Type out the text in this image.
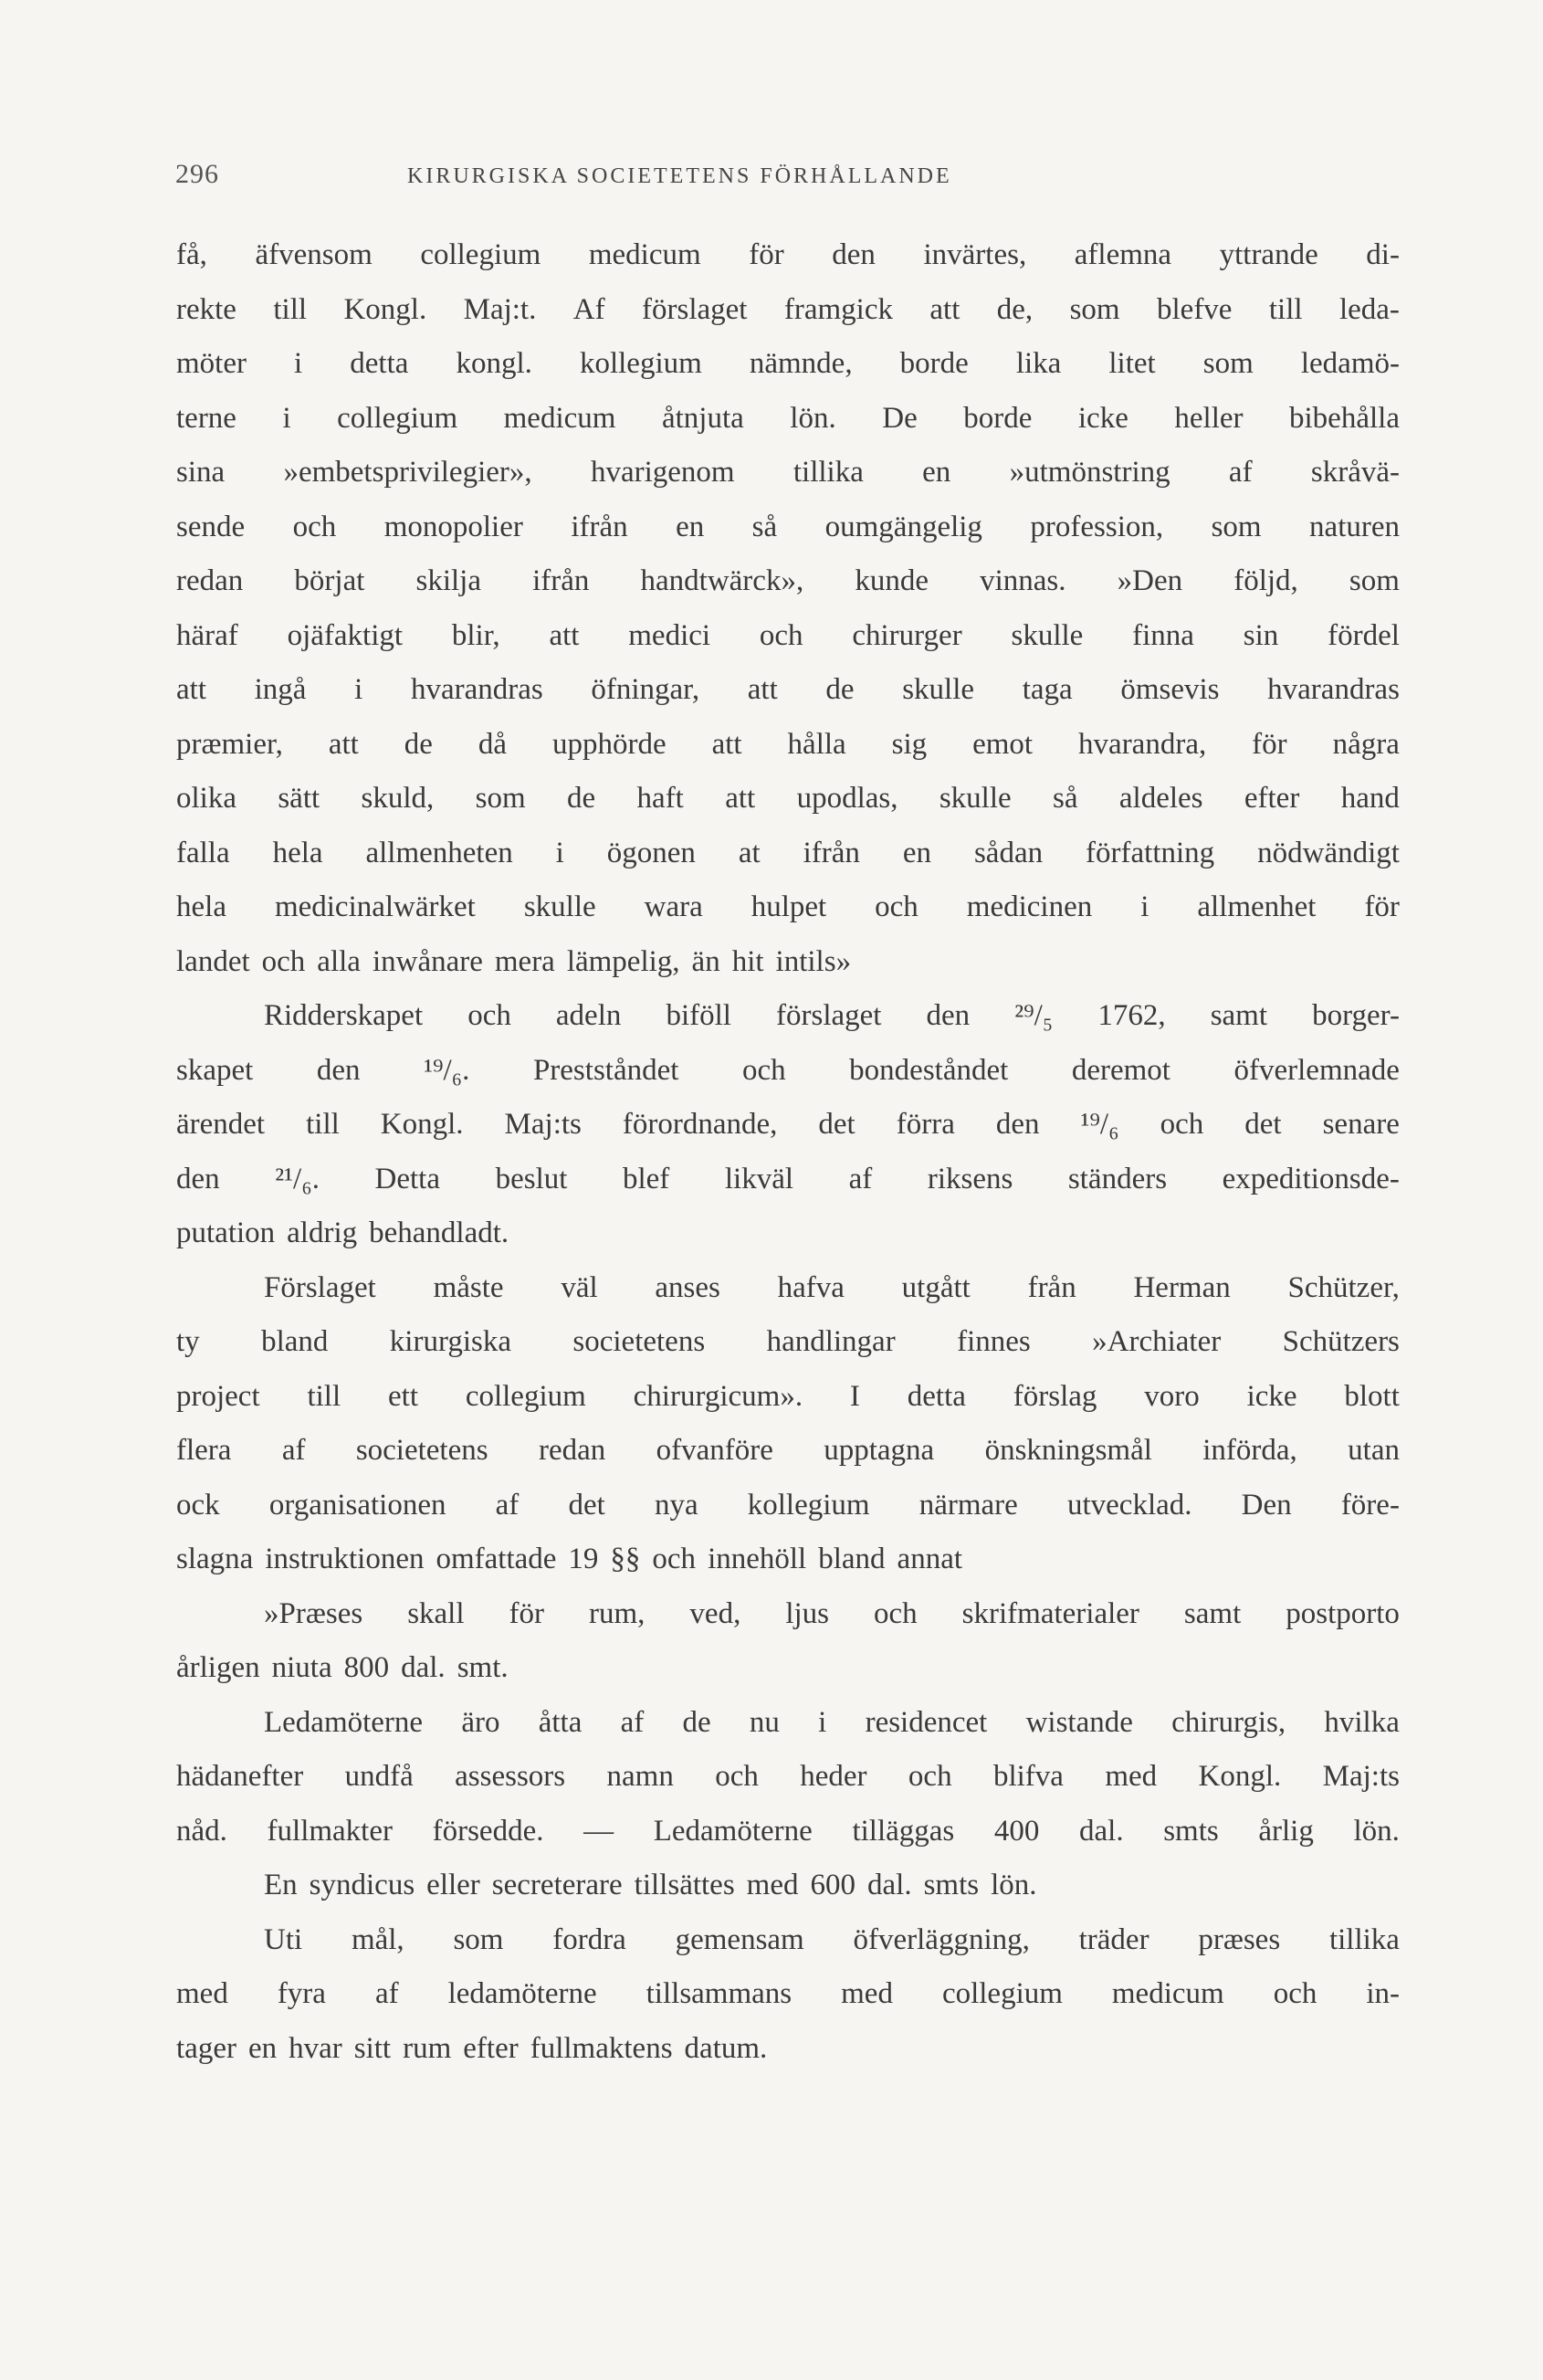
296	KIRURGISKA SOCIETETENS FÖRHÅLLANDE
få, äfvensom collegium medicum för den invärtes, aflemna yttrande di-
rekte till Kongl. Maj:t. Af förslaget framgick att de, som blefve till leda-
möter i detta kongl. kollegium nämnde, borde lika litet som ledamö-
terne i collegium medicum åtnjuta lön. De borde icke heller bibehålla
sina »embetsprivilegier», hvarigenom tillika en »utmönstring af skråvä-
sende och monopolier ifrån en så oumgängelig profession, som naturen
redan börjat skilja ifrån handtwärck», kunde vinnas. »Den följd, som
häraf ojäfaktigt blir, att medici och chirurger skulle finna sin fördel
att ingå i hvarandras öfningar, att de skulle taga ömsevis hvarandras
præmier, att de då upphörde att hålla sig emot hvarandra, för några
olika sätt skuld, som de haft att upodlas, skulle så aldeles efter hand
falla hela allmenheten i ögonen at ifrån en sådan författning nödwändigt
hela medicinalwärket skulle wara hulpet och medicinen i allmenhet för
landet och alla inwånare mera lämpelig, än hit intils»
Ridderskapet och adeln biföll förslaget den ²⁹/₅ 1762, samt borger-
skapet den ¹⁹/₆. Prestståndet och bondeståndet deremot öfverlemnade
ärendet till Kongl. Maj:ts förordnande, det förra den ¹⁹/₆ och det senare
den ²¹/₆. Detta beslut blef likväl af riksens ständers expeditionsde-
putation aldrig behandladt.
Förslaget måste väl anses hafva utgått från Herman Schützer,
ty bland kirurgiska societetens handlingar finnes »Archiater Schützers
project till ett collegium chirurgicum». I detta förslag voro icke blott
flera af societetens redan ofvanföre upptagna önskningsmål införda, utan
ock organisationen af det nya kollegium närmare utvecklad. Den före-
slagna instruktionen omfattade 19 §§ och innehöll bland annat
»Præses skall för rum, ved, ljus och skrifmaterialer samt postporto
årligen niuta 800 dal. smt.
Ledamöterne äro åtta af de nu i residencet wistande chirurgis, hvilka
hädanefter undfå assessors namn och heder och blifva med Kongl. Maj:ts
nåd. fullmakter försedde. — Ledamöterne tilläggas 400 dal. smts årlig lön.
En syndicus eller secreterare tillsättes med 600 dal. smts lön.
Uti mål, som fordra gemensam öfverläggning, träder præses tillika
med fyra af ledamöterne tillsammans med collegium medicum och in-
tager en hvar sitt rum efter fullmaktens datum.
